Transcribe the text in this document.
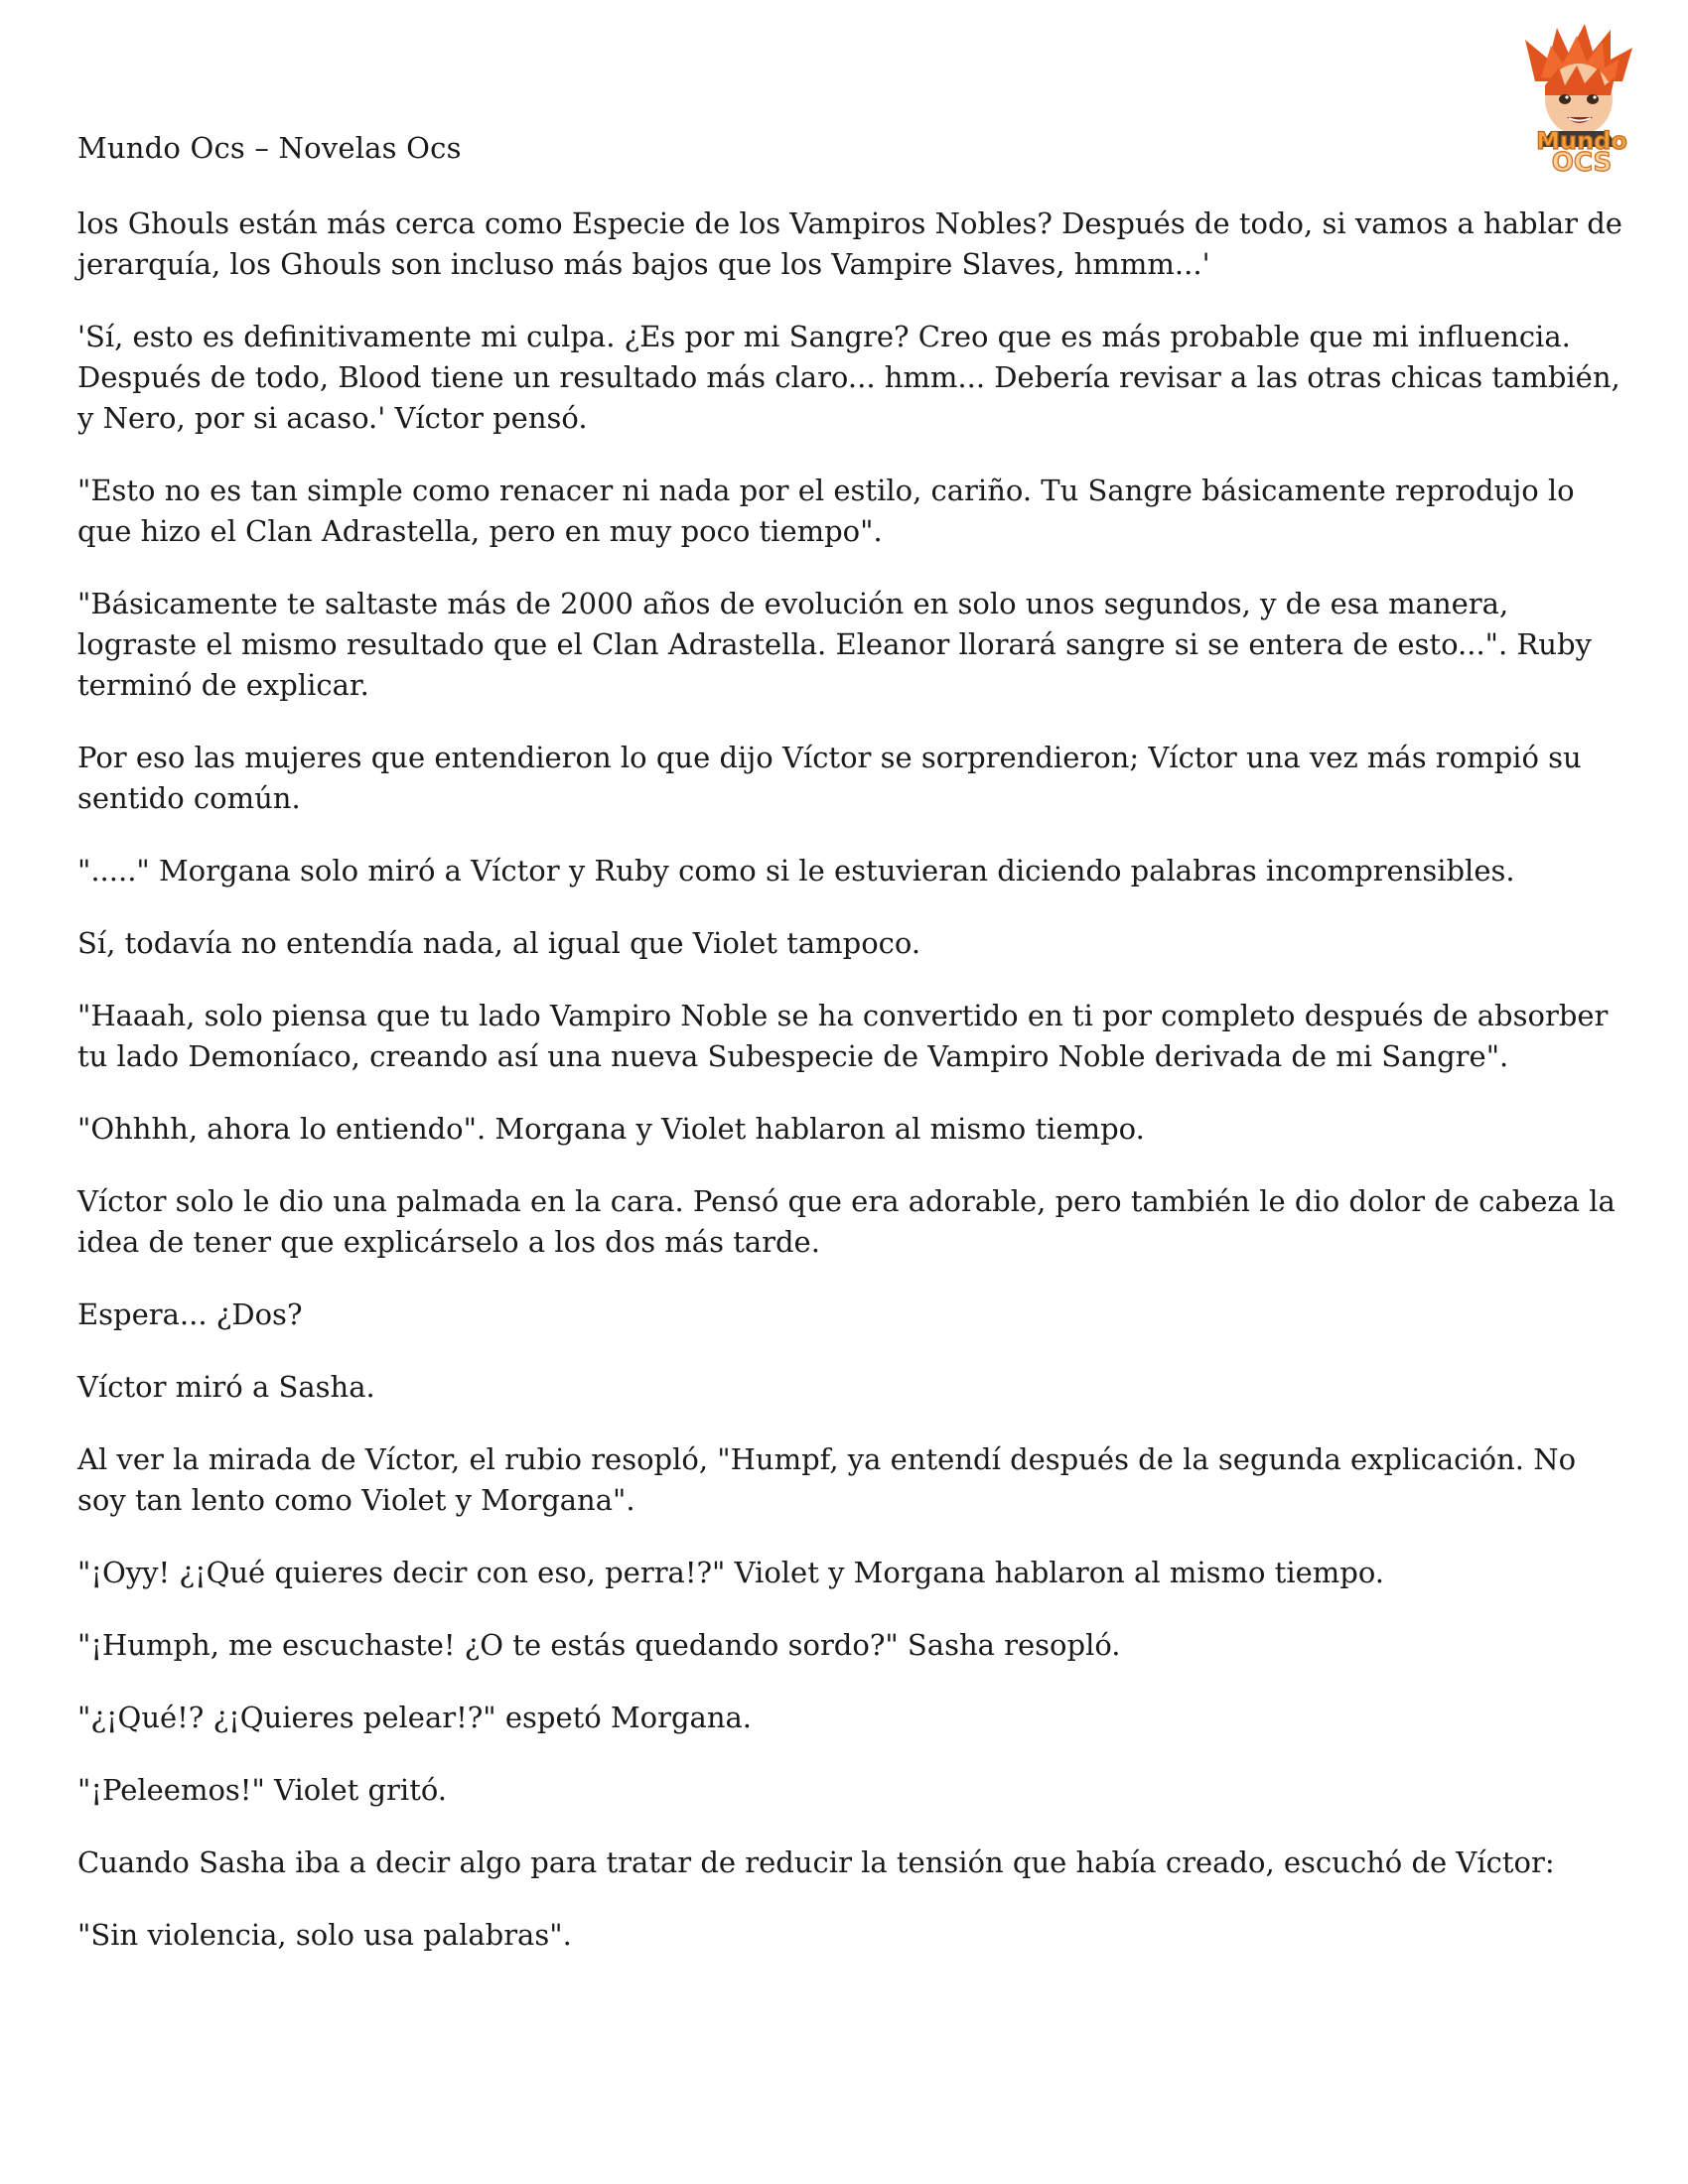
Mundo Ocs – Novelas Ocs	Mundo
OCS

los Ghouls están más cerca como Especie de los Vampiros Nobles? Después de todo, si vamos a hablar de jerarquía, los Ghouls son incluso más bajos que los Vampire Slaves, hmmm...'

'Sí, esto es definitivamente mi culpa. ¿Es por mi Sangre? Creo que es más probable que mi influencia. Después de todo, Blood tiene un resultado más claro... hmm... Debería revisar a las otras chicas también, y Nero, por si acaso.' Víctor pensó.

"Esto no es tan simple como renacer ni nada por el estilo, cariño. Tu Sangre básicamente reprodujo lo que hizo el Clan Adrastella, pero en muy poco tiempo".

"Básicamente te saltaste más de 2000 años de evolución en solo unos segundos, y de esa manera, lograste el mismo resultado que el Clan Adrastella. Eleanor llorará sangre si se entera de esto...". Ruby terminó de explicar.

Por eso las mujeres que entendieron lo que dijo Víctor se sorprendieron; Víctor una vez más rompió su sentido común.

"....." Morgana solo miró a Víctor y Ruby como si le estuvieran diciendo palabras incomprensibles.

Sí, todavía no entendía nada, al igual que Violet tampoco.

"Haaah, solo piensa que tu lado Vampiro Noble se ha convertido en ti por completo después de absorber tu lado Demoníaco, creando así una nueva Subespecie de Vampiro Noble derivada de mi Sangre".

"Ohhhh, ahora lo entiendo". Morgana y Violet hablaron al mismo tiempo.

Víctor solo le dio una palmada en la cara. Pensó que era adorable, pero también le dio dolor de cabeza la idea de tener que explicárselo a los dos más tarde.

Espera... ¿Dos?

Víctor miró a Sasha.

Al ver la mirada de Víctor, el rubio resopló, "Humpf, ya entendí después de la segunda explicación. No soy tan lento como Violet y Morgana".

"¡Oyy! ¿¡Qué quieres decir con eso, perra!?" Violet y Morgana hablaron al mismo tiempo.

"¡Humph, me escuchaste! ¿O te estás quedando sordo?" Sasha resopló.

"¿¡Qué!? ¿¡Quieres pelear!?" espetó Morgana.

"¡Peleemos!" Violet gritó.

Cuando Sasha iba a decir algo para tratar de reducir la tensión que había creado, escuchó de Víctor:

"Sin violencia, solo usa palabras".
